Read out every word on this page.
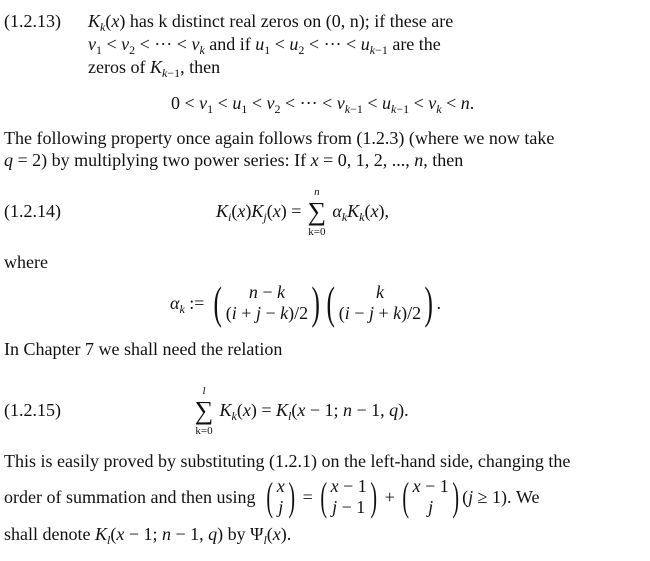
(1.2.13) $K_k(x)$ has k distinct real zeros on (0, n); if these are
$v_1 < v_2$ < ··· < $v_k$ and if $u_1 < u_2$ < ··· < $u_{k-1}$ are the
zeros of $K_{k-1}$, then
$0 < v_1 < u_1 < v_2$ < ··· < $v_{k-1} < u_{k-1} < v_k < n$.
The following property once again follows from (1.2.3) (where we now take
q = 2) by multiplying two power series: If x = 0, 1, 2, ..., n, then
(1.2.14)	$K_i(x)K_j(x)$ = ∑
n
k=0
$\alpha_kK_k(x)$,
where
$\alpha_k$ := ( n − k
(i + j − k)/2 ) ( k
(i − j + k)/2 ) .
In Chapter 7 we shall need the relation
(1.2.15)	∑
l
k=0
$K_k(x) = K_l(x - 1$; n − 1, q).
This is easily proved by substituting (1.2.1) on the left-hand side, changing the
order of summation and then using ( x
j ) = ( x − 1
j − 1 ) + ( x − 1
j ) (j ≥ 1). We
shall denote $K_l(x - 1$; n − 1, q) by $\Psi_l(x)$.
